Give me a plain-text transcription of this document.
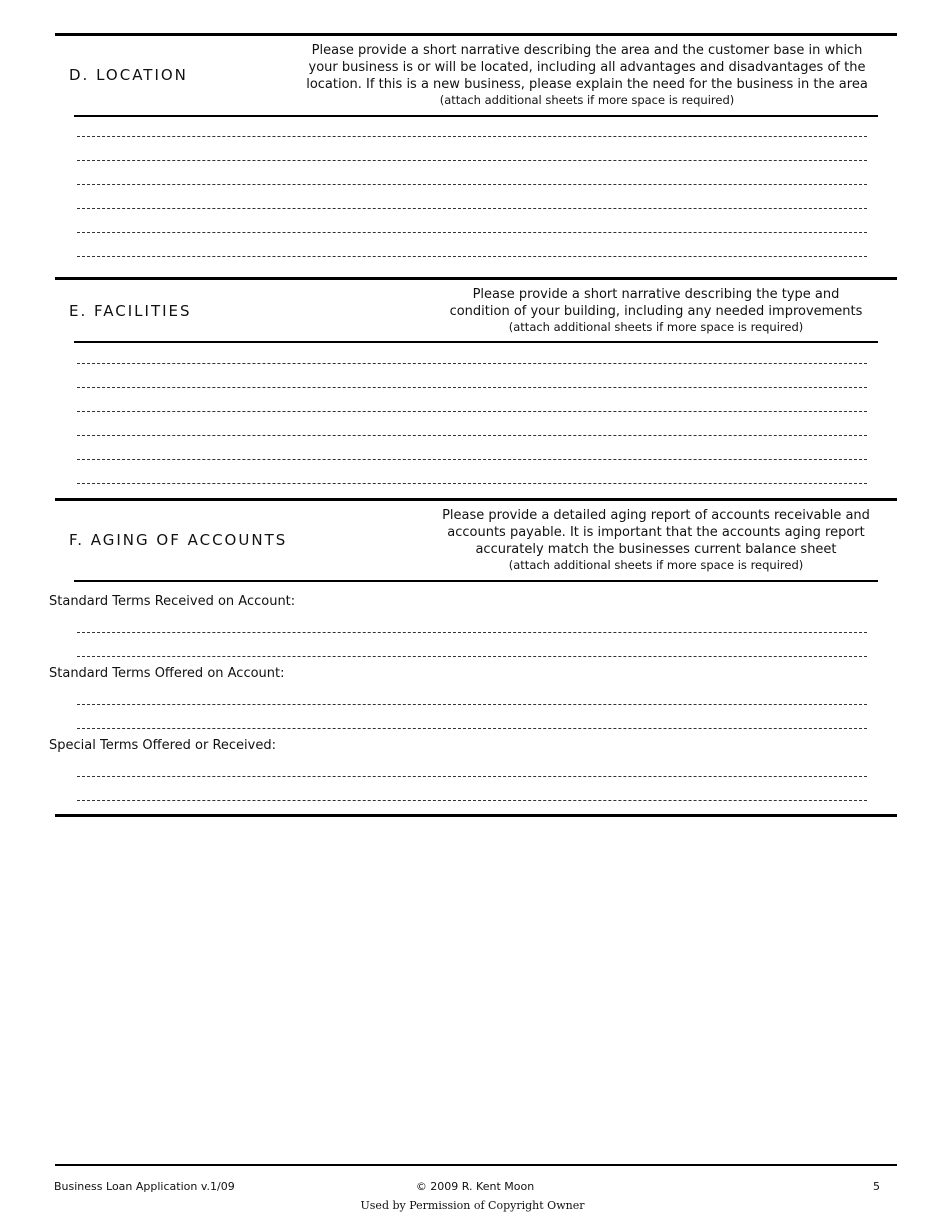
D. LOCATION
Please provide a short narrative describing the area and the customer base in which
your business is or will be located, including all advantages and disadvantages of the
location. If this is a new business, please explain the need for the business in the area
(attach additional sheets if more space is required)
E. FACILITIES
Please provide a short narrative describing the type and
condition of your building, including any needed improvements
(attach additional sheets if more space is required)
F. AGING OF ACCOUNTS
Please provide a detailed aging report of accounts receivable and
accounts payable. It is important that the accounts aging report
accurately match the businesses current balance sheet
(attach additional sheets if more space is required)
Standard Terms Received on Account:
Standard Terms Offered on Account:
Special Terms Offered or Received:
Business Loan Application v.1/09	© 2009 R. Kent Moon	5
Used by Permission of Copyright Owner
